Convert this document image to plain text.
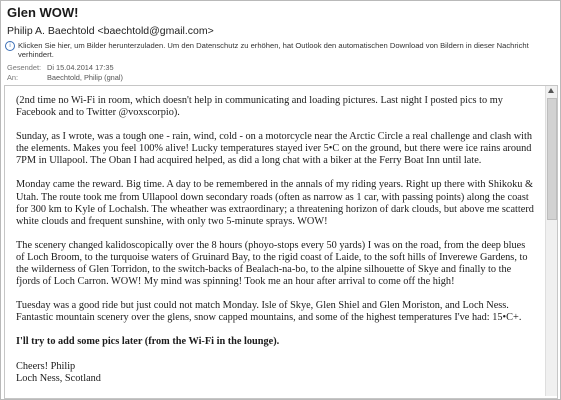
Glen WOW!
Philip A. Baechtold <baechtold@gmail.com>
i Klicken Sie hier, um Bilder herunterzuladen. Um den Datenschutz zu erhöhen, hat Outlook den automatischen Download von Bildern in dieser Nachricht verhindert.
Gesendet: Di 15.04.2014 17:35
An:	Baechtold, Philip (gnal)

(2nd time no Wi-Fi in room, which doesn't help in communicating and loading pictures. Last night I posted pics to my Facebook and to Twitter @voxscorpio).

Sunday, as I wrote, was a tough one - rain, wind, cold - on a motorcycle near the Arctic Circle a real challenge and clash with the elements. Makes you feel 100% alive! Lucky temperatures stayed iver 5•C on the ground, but there were ice rains around 7PM in Ullapool. The Oban I had acquired helped, as did a long chat with a biker at the Ferry Boat Inn until late.

Monday came the reward. Big time. A day to be remembered in the annals of my riding years. Right up there with Shikoku & Utah. The route took me from Ullapool down secondary roads (often as narrow as 1 car, with passing points) along the coast for 300 km to Kyle of Lochalsh. The wheather was extraordinary; a threatening horizon of dark clouds, but above me scatterd white clouds and frequent sunshine, with only two 5-minute sprays. WOW!

The scenery changed kalidoscopically over the 8 hours (phoyo-stops every 50 yards) I was on the road, from the deep blues of Loch Broom, to the turquoise waters of Gruinard Bay, to the rigid coast of Laide, to the soft hills of Inverewe Gardens, to the wilderness of Glen Torridon, to the switch-backs of Bealach-na-bo, to the alpine silhouette of Skye and finally to the fjords of Loch Carron. WOW! My mind was spinning! Took me an hour after arrival to come off the high!

Tuesday was a good ride but just could not match Monday. Isle of Skye, Glen Shiel and Glen Moriston, and Loch Ness. Fantastic mountain scenery over the glens, snow capped mountains, and some of the highest temperatures I've had: 15•C+.

I'll try to add some pics later (from the Wi-Fi in the lounge).

Cheers! Philip
Loch Ness, Scotland
